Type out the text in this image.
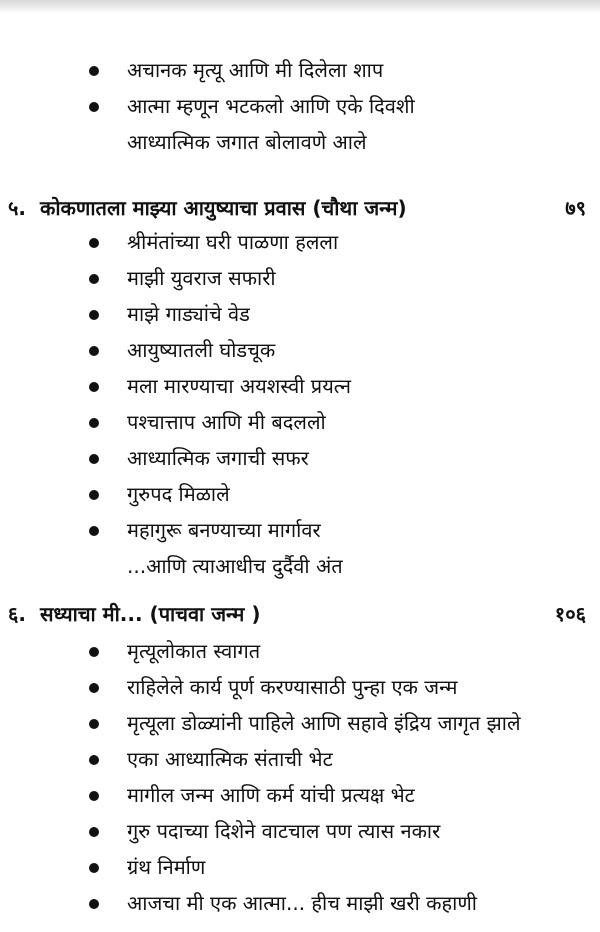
अचानक मृत्यू आणि मी दिलेला शाप
आत्मा म्हणून भटकलो आणि एके दिवशी
आध्यात्मिक जगात बोलावणे आले
५. कोकणातला माझ्या आयुष्याचा प्रवास (चौथा जन्म)	७९
श्रीमंतांच्या घरी पाळणा हलला
माझी युवराज सफारी
माझे गाड्यांचे वेड
आयुष्यातली घोडचूक
मला मारण्याचा अयशस्वी प्रयत्न
पश्चात्ताप आणि मी बदललो
आध्यात्मिक जगाची सफर
गुरुपद मिळाले
महागुरू बनण्याच्या मार्गावर
...आणि त्याआधीच दुर्दैवी अंत
६. सध्याचा मी... (पाचवा जन्म )	१०६
मृत्यूलोकात स्वागत
राहिलेले कार्य पूर्ण करण्यासाठी पुन्हा एक जन्म
मृत्यूला डोळ्यांनी पाहिले आणि सहावे इंद्रिय जागृत झाले
एका आध्यात्मिक संताची भेट
मागील जन्म आणि कर्म यांची प्रत्यक्ष भेट
गुरु पदाच्या दिशेने वाटचाल पण त्यास नकार
ग्रंथ निर्माण
आजचा मी एक आत्मा... हीच माझी खरी कहाणी
